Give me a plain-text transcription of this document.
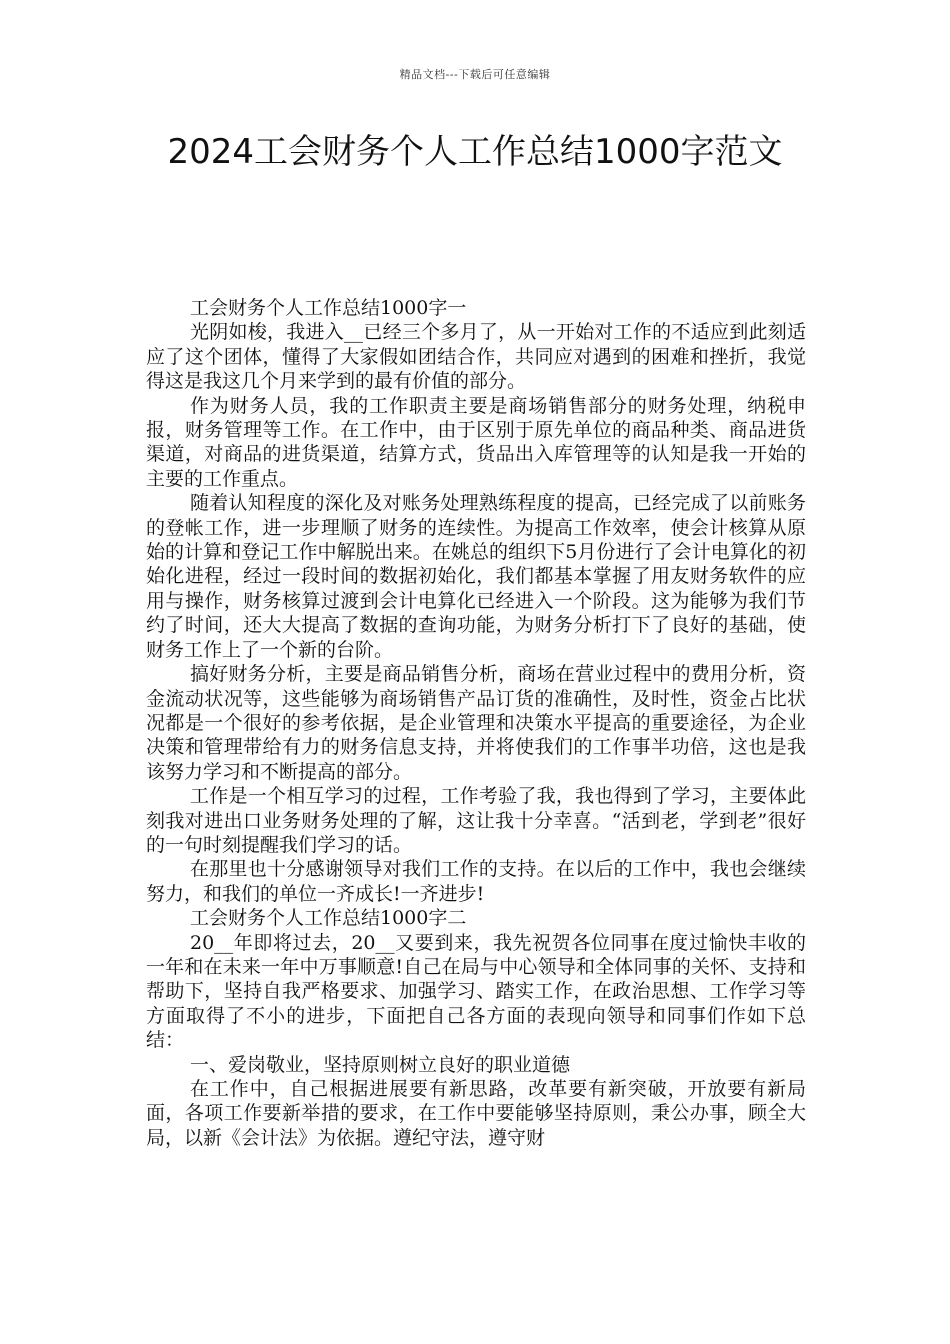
精品文档---下载后可任意编辑
2024工会财务个人工作总结1000字范文

工会财务个人工作总结1000字一

光阴如梭，我进入__已经三个多月了，从一开始对工作的不适应到此刻适应了这个团体，懂得了大家假如团结合作，共同应对遇到的困难和挫折，我觉得这是我这几个月来学到的最有价值的部分。

作为财务人员，我的工作职责主要是商场销售部分的财务处理，纳税申报，财务管理等工作。在工作中，由于区别于原先单位的商品种类、商品进货渠道，对商品的进货渠道，结算方式，货品出入库管理等的认知是我一开始的主要的工作重点。

随着认知程度的深化及对账务处理熟练程度的提高，已经完成了以前账务的登帐工作，进一步理顺了财务的连续性。为提高工作效率，使会计核算从原始的计算和登记工作中解脱出来。在姚总的组织下5月份进行了会计电算化的初始化进程，经过一段时间的数据初始化，我们都基本掌握了用友财务软件的应用与操作，财务核算过渡到会计电算化已经进入一个阶段。这为能够为我们节约了时间，还大大提高了数据的查询功能，为财务分析打下了良好的基础，使财务工作上了一个新的台阶。

搞好财务分析，主要是商品销售分析，商场在营业过程中的费用分析，资金流动状况等，这些能够为商场销售产品订货的准确性，及时性，资金占比状况都是一个很好的参考依据，是企业管理和决策水平提高的重要途径，为企业决策和管理带给有力的财务信息支持，并将使我们的工作事半功倍，这也是我该努力学习和不断提高的部分。

工作是一个相互学习的过程，工作考验了我，我也得到了学习，主要体此刻我对进出口业务财务处理的了解，这让我十分幸喜。“活到老，学到老”很好的一句时刻提醒我们学习的话。

在那里也十分感谢领导对我们工作的支持。在以后的工作中，我也会继续努力，和我们的单位一齐成长!一齐进步!

工会财务个人工作总结1000字二

20__年即将过去，20__又要到来，我先祝贺各位同事在度过愉快丰收的一年和在未来一年中万事顺意!自己在局与中心领导和全体同事的关怀、支持和帮助下，坚持自我严格要求、加强学习、踏实工作，在政治思想、工作学习等方面取得了不小的进步，下面把自己各方面的表现向领导和同事们作如下总结：

一、爱岗敬业，坚持原则树立良好的职业道德

在工作中，自己根据进展要有新思路，改革要有新突破，开放要有新局面，各项工作要新举措的要求，在工作中要能够坚持原则，秉公办事，顾全大局，以新《会计法》为依据。遵纪守法，遵守财
